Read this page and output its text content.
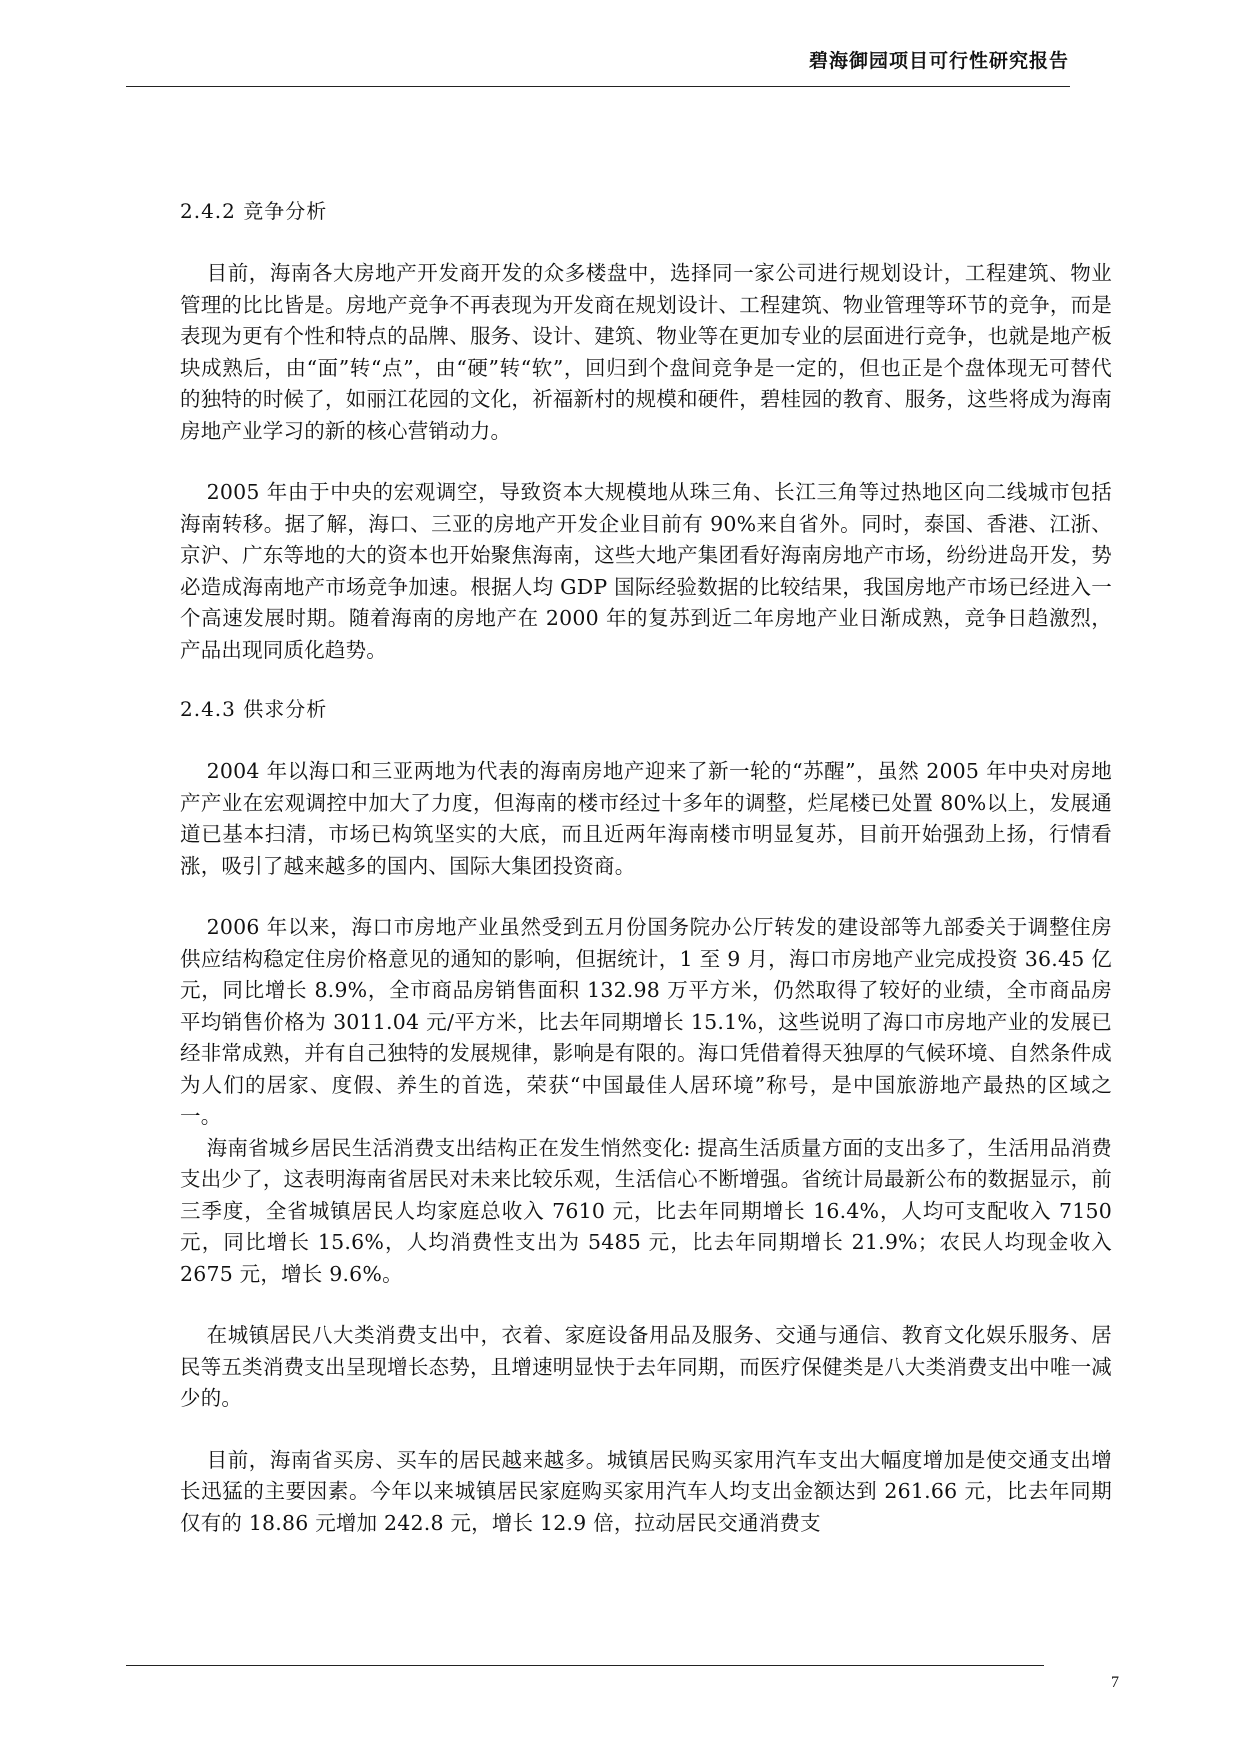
碧海御园项目可行性研究报告
2.4.2 竞争分析

目前，海南各大房地产开发商开发的众多楼盘中，选择同一家公司进行规划设计，工程建筑、物业管理的比比皆是。房地产竞争不再表现为开发商在规划设计、工程建筑、物业管理等环节的竞争，而是表现为更有个性和特点的品牌、服务、设计、建筑、物业等在更加专业的层面进行竞争，也就是地产板块成熟后，由“面”转“点”，由“硬”转“软”，回归到个盘间竞争是一定的，但也正是个盘体现无可替代的独特的时候了，如丽江花园的文化，祈福新村的规模和硬件，碧桂园的教育、服务，这些将成为海南房地产业学习的新的核心营销动力。

2005 年由于中央的宏观调空，导致资本大规模地从珠三角、长江三角等过热地区向二线城市包括海南转移。据了解，海口、三亚的房地产开发企业目前有 90%来自省外。同时，泰国、香港、江浙、京沪、广东等地的大的资本也开始聚焦海南，这些大地产集团看好海南房地产市场，纷纷进岛开发，势必造成海南地产市场竞争加速。根据人均 GDP 国际经验数据的比较结果，我国房地产市场已经进入一个高速发展时期。随着海南的房地产在 2000 年的复苏到近二年房地产业日渐成熟，竞争日趋激烈，产品出现同质化趋势。

2.4.3 供求分析

2004 年以海口和三亚两地为代表的海南房地产迎来了新一轮的“苏醒”，虽然 2005 年中央对房地产产业在宏观调控中加大了力度，但海南的楼市经过十多年的调整，烂尾楼已处置 80%以上，发展通道已基本扫清，市场已构筑坚实的大底，而且近两年海南楼市明显复苏，目前开始强劲上扬，行情看涨，吸引了越来越多的国内、国际大集团投资商。

2006 年以来，海口市房地产业虽然受到五月份国务院办公厅转发的建设部等九部委关于调整住房供应结构稳定住房价格意见的通知的影响，但据统计，1 至 9 月，海口市房地产业完成投资 36.45 亿元，同比增长 8.9%，全市商品房销售面积 132.98 万平方米，仍然取得了较好的业绩，全市商品房平均销售价格为 3011.04 元/平方米，比去年同期增长 15.1%，这些说明了海口市房地产业的发展已经非常成熟，并有自己独特的发展规律，影响是有限的。海口凭借着得天独厚的气候环境、自然条件成为人们的居家、度假、养生的首选，荣获“中国最佳人居环境”称号，是中国旅游地产最热的区域之一。

海南省城乡居民生活消费支出结构正在发生悄然变化: 提高生活质量方面的支出多了，生活用品消费支出少了，这表明海南省居民对未来比较乐观，生活信心不断增强。省统计局最新公布的数据显示，前三季度，全省城镇居民人均家庭总收入 7610 元，比去年同期增长 16.4%，人均可支配收入 7150 元，同比增长 15.6%，人均消费性支出为 5485 元，比去年同期增长 21.9%；农民人均现金收入 2675 元，增长 9.6%。

在城镇居民八大类消费支出中，衣着、家庭设备用品及服务、交通与通信、教育文化娱乐服务、居民等五类消费支出呈现增长态势，且增速明显快于去年同期，而医疗保健类是八大类消费支出中唯一减少的。

目前，海南省买房、买车的居民越来越多。城镇居民购买家用汽车支出大幅度增加是使交通支出增长迅猛的主要因素。今年以来城镇居民家庭购买家用汽车人均支出金额达到 261.66 元，比去年同期仅有的 18.86 元增加 242.8 元，增长 12.9 倍，拉动居民交通消费支

7
